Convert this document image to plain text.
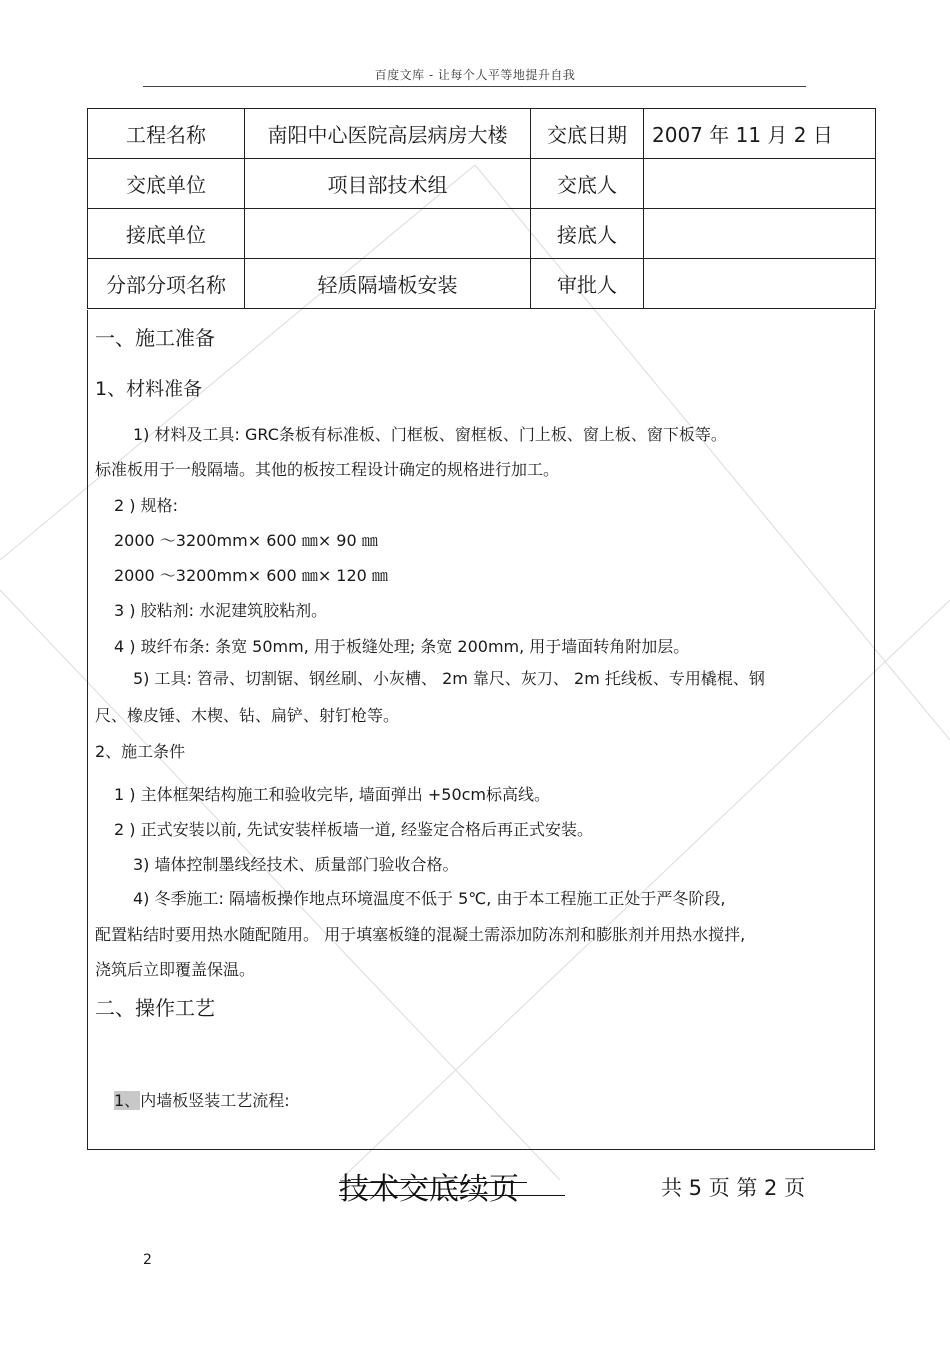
百度文库 - 让每个人平等地提升自我
工程名称	南阳中心医院高层病房大楼	交底日期	2007 年 11 月 2 日
交底单位	项目部技术组	交底人	
接底单位		接底人	
分部分项名称	轻质隔墙板安装	审批人	
一、施工准备
1、材料准备
1) 材料及工具: GRC条板有标准板、门框板、窗框板、门上板、窗上板、窗下板等。
标准板用于一般隔墙。其他的板按工程设计确定的规格进行加工。
2 ) 规格:
2000 ～3200mm× 600 ㎜× 90 ㎜
2000 ～3200mm× 600 ㎜× 120 ㎜
3 ) 胶粘剂: 水泥建筑胶粘剂。
4 ) 玻纤布条: 条宽 50mm, 用于板缝处理; 条宽 200mm, 用于墙面转角附加层。
5) 工具: 笤帚、切割锯、钢丝刷、小灰槽、 2m 靠尺、灰刀、 2m 托线板、专用橇棍、钢
尺、橡皮锤、木楔、钻、扁铲、射钉枪等。
2、施工条件
1 ) 主体框架结构施工和验收完毕, 墙面弹出 +50cm标高线。
2 ) 正式安装以前, 先试安装样板墙一道, 经鉴定合格后再正式安装。
3) 墙体控制墨线经技术、质量部门验收合格。
4) 冬季施工: 隔墙板操作地点环境温度不低于 5℃, 由于本工程施工正处于严冬阶段,
配置粘结时要用热水随配随用。 用于填塞板缝的混凝土需添加防冻剂和膨胀剂并用热水搅拌,
浇筑后立即覆盖保温。
二、操作工艺
1、内墙板竖装工艺流程:
技术交底续页	共 5 页 第 2 页
2
